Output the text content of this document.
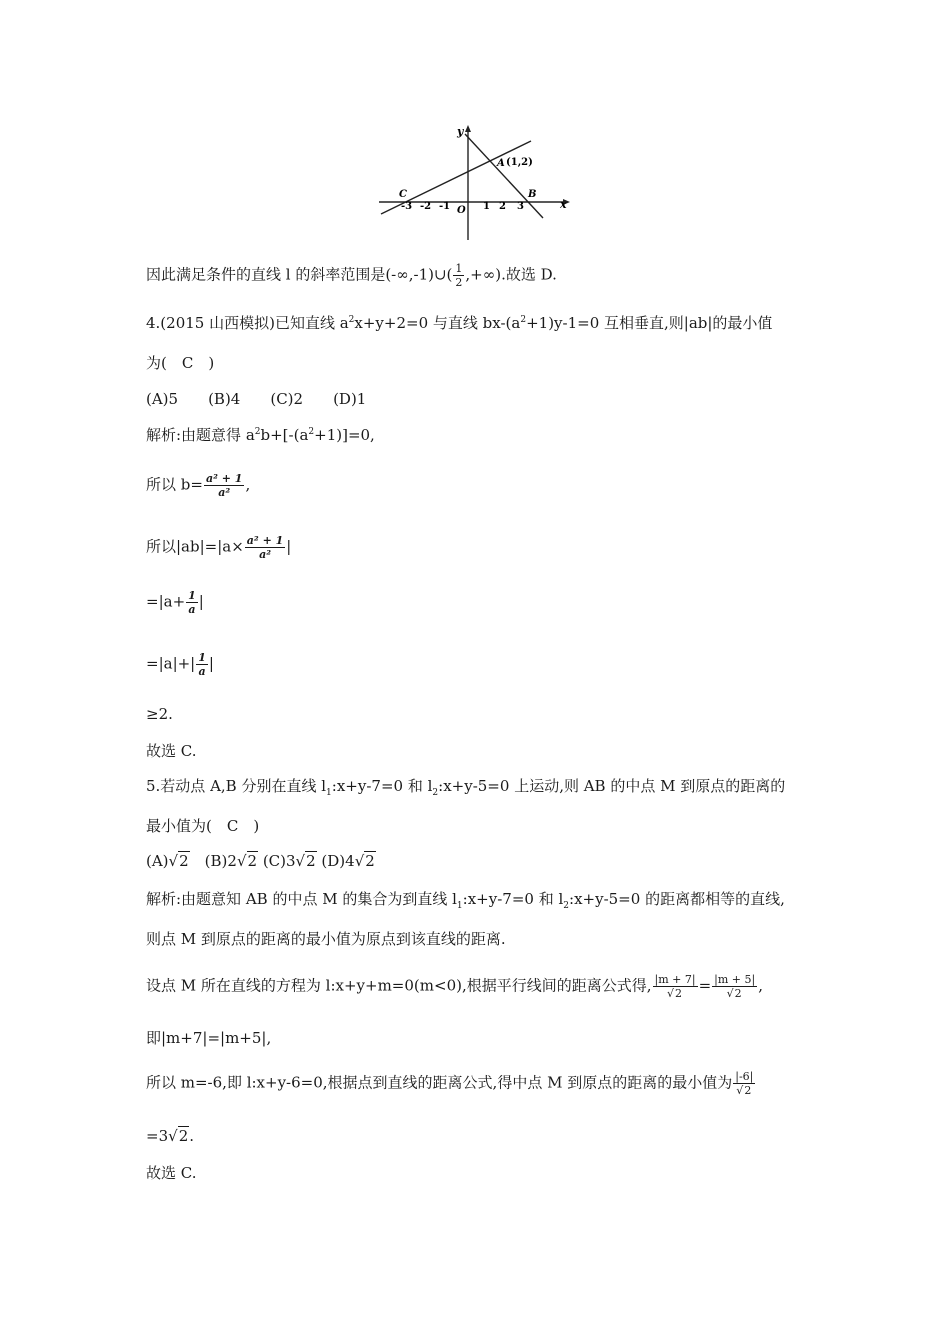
y
x
A (1,2)
B
C
O
-3 -2 -1	1 2 3
因此满足条件的直线 l 的斜率范围是(-∞,-1)∪( $\frac{1}{2}$ ,+∞).故选 D.
4.(2015 山西模拟)已知直线 $a^2x+y+2=0$ 与直线 $bx-(a^2+1)y-1=0$ 互相垂直,则|ab|的最小值
为(　C　)
(A)5　　(B)4　　(C)2　　(D)1
解析:由题意得 $a^2b+[-(a^2+1)]=0$,
所以 $b= \frac{\text{a² + 1}}{\text{a²}}$ ,
所以$|ab|=|a\times \frac{\text{a² + 1}}{\text{a²}}$ |
$=|a+ \frac{1}{a}$ |
$=|a|+| \frac{1}{a}$ |
≥2.
故选 C.
5.若动点 A,B 分别在直线 $l_1:x+y-7=0$ 和 $l_2:x+y-5=0$ 上运动,则 AB 的中点 M 到原点的距离的
最小值为(　C　)
(A)√2　(B)2√2 (C)3√2 (D)4√2
解析:由题意知 AB 的中点 M 的集合为到直线 $l_1:x+y-7=0$ 和 $l_2:x+y-5=0$ 的距离都相等的直线,
则点 M 到原点的距离的最小值为原点到该直线的距离.
设点 M 所在直线的方程为 l:x+y+m=0(m<0),根据平行线间的距离公式得, $\frac{|m + 7|}{√2} = \frac{|m + 5|}{√2}$ ,
即|m+7|=|m+5|,
所以 m=-6,即 l:x+y-6=0,根据点到直线的距离公式,得中点 M 到原点的距离的最小值为 $\frac{|-6|}{√2}$
=3√2.
故选 C.
